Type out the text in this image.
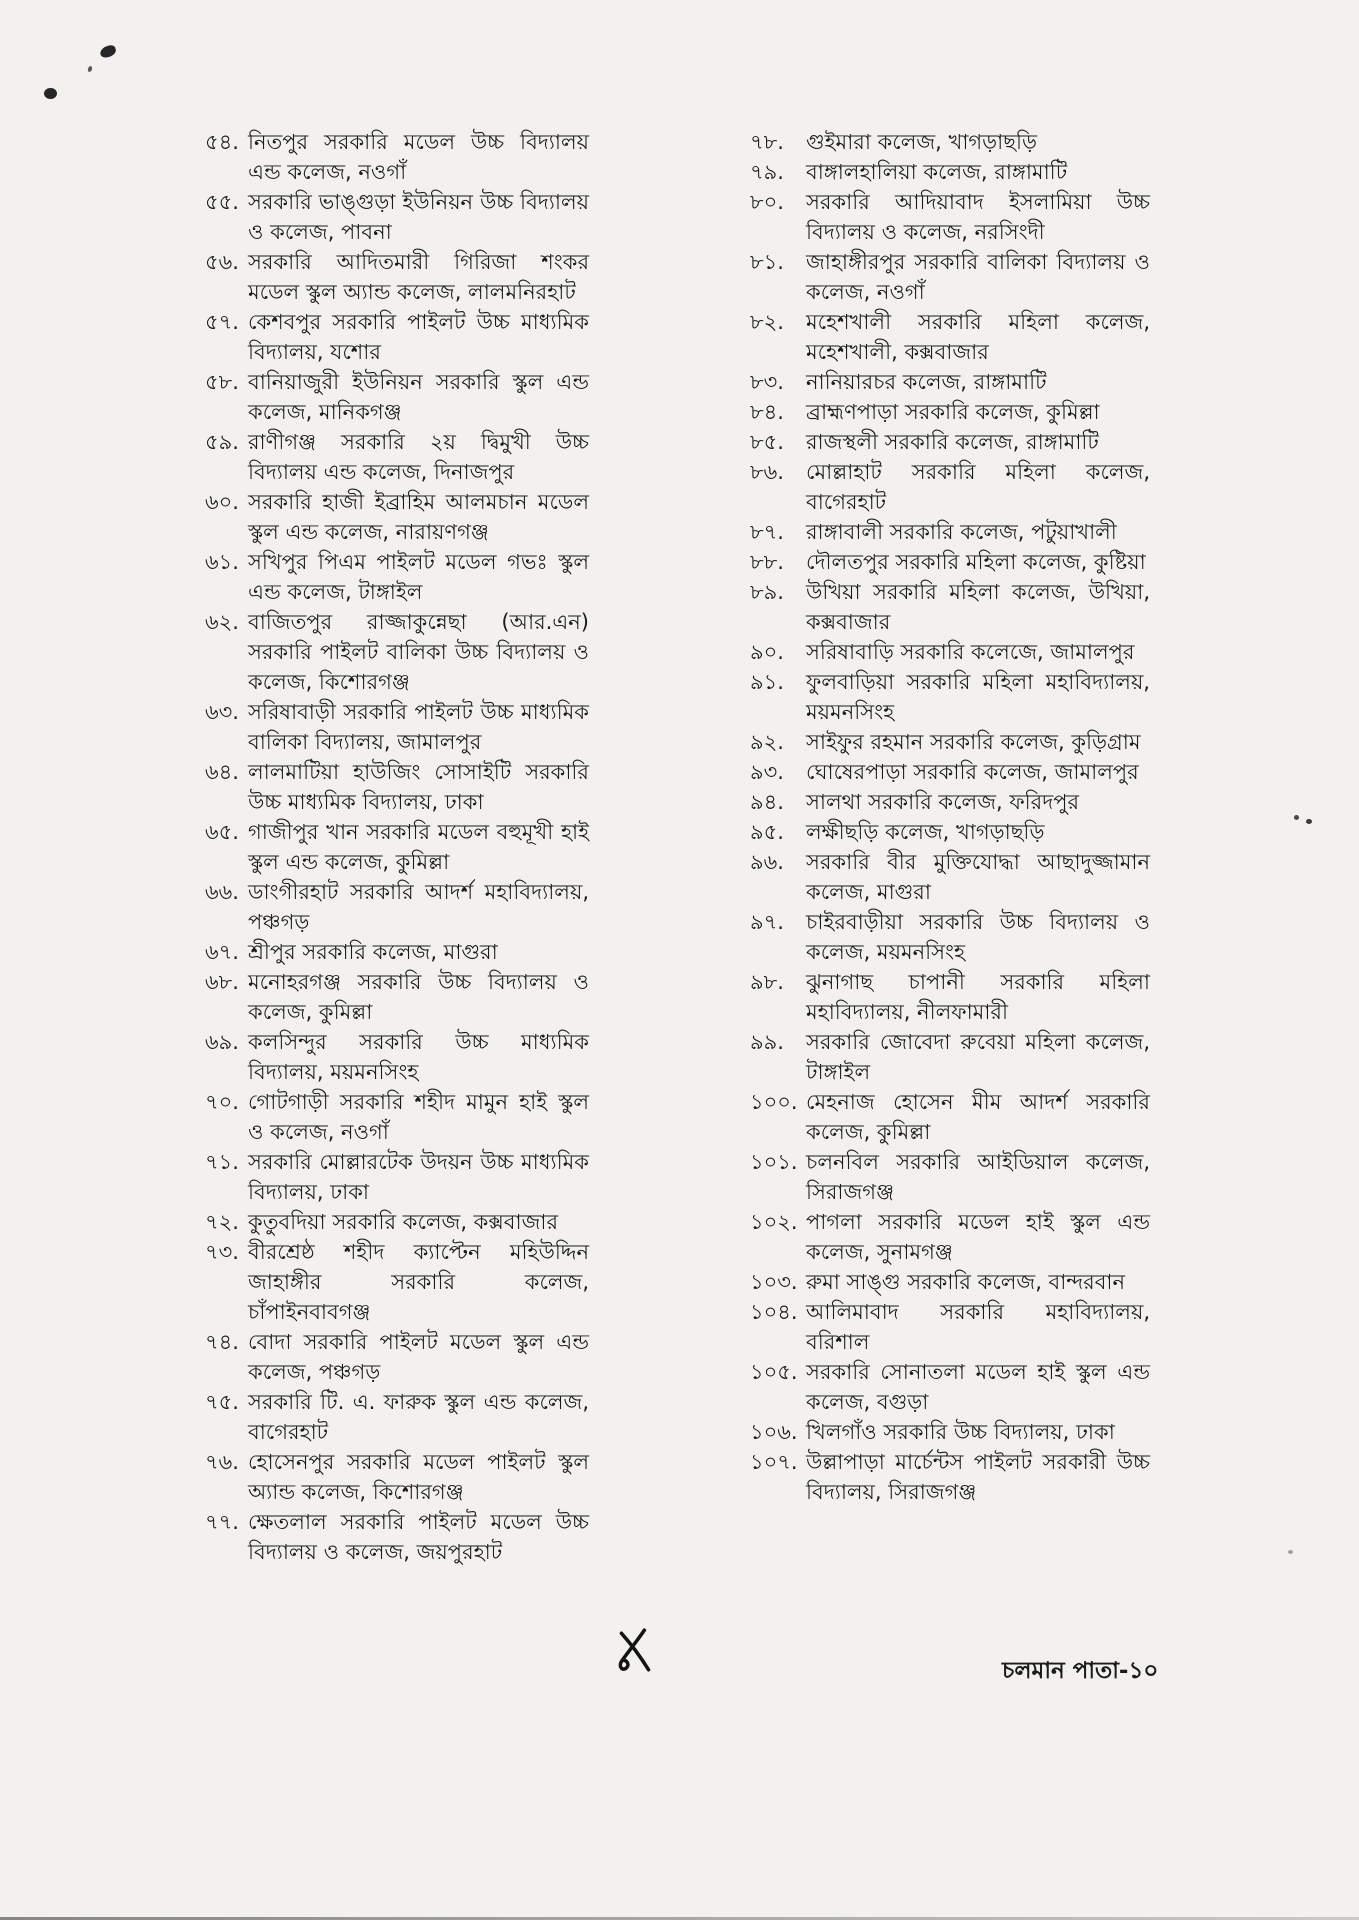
৫৪. নিতপুর সরকারি মডেল উচ্চ বিদ্যালয় এন্ড কলেজ, নওগাঁ
৫৫. সরকারি ভাঙ্গুড়া ইউনিয়ন উচ্চ বিদ্যালয় ও কলেজ, পাবনা
৫৬. সরকারি আদিতমারী গিরিজা শংকর মডেল স্কুল অ্যান্ড কলেজ, লালমনিরহাট
৫৭. কেশবপুর সরকারি পাইলট উচ্চ মাধ্যমিক বিদ্যালয়, যশোর
৫৮. বানিয়াজুরী ইউনিয়ন সরকারি স্কুল এন্ড কলেজ, মানিকগঞ্জ
৫৯. রাণীগঞ্জ সরকারি ২য় দ্বিমুখী উচ্চ বিদ্যালয় এন্ড কলেজ, দিনাজপুর
৬০. সরকারি হাজী ইব্রাহিম আলমচান মডেল স্কুল এন্ড কলেজ, নারায়ণগঞ্জ
৬১. সখিপুর পিএম পাইলট মডেল গভঃ স্কুল এন্ড কলেজ, টাঙ্গাইল
৬২. বাজিতপুর রাজ্জাকুন্নেছা (আর.এন) সরকারি পাইলট বালিকা উচ্চ বিদ্যালয় ও কলেজ, কিশোরগঞ্জ
৬৩. সরিষাবাড়ী সরকারি পাইলট উচ্চ মাধ্যমিক বালিকা বিদ্যালয়, জামালপুর
৬৪. লালমাটিয়া হাউজিং সোসাইটি সরকারি উচ্চ মাধ্যমিক বিদ্যালয়, ঢাকা
৬৫. গাজীপুর খান সরকারি মডেল বহুমূখী হাই স্কুল এন্ড কলেজ, কুমিল্লা
৬৬. ডাংগীরহাট সরকারি আদর্শ মহাবিদ্যালয়, পঞ্চগড়
৬৭. শ্রীপুর সরকারি কলেজ, মাগুরা
৬৮. মনোহরগঞ্জ সরকারি উচ্চ বিদ্যালয় ও কলেজ, কুমিল্লা
৬৯. কলসিন্দুর সরকারি উচ্চ মাধ্যমিক বিদ্যালয়, ময়মনসিংহ
৭০. গোটগাড়ী সরকারি শহীদ মামুন হাই স্কুল ও কলেজ, নওগাঁ
৭১. সরকারি মোল্লারটেক উদয়ন উচ্চ মাধ্যমিক বিদ্যালয়, ঢাকা
৭২. কুতুবদিয়া সরকারি কলেজ, কক্সবাজার
৭৩. বীরশ্রেষ্ঠ শহীদ ক্যাপ্টেন মহিউদ্দিন জাহাঙ্গীর সরকারি কলেজ, চাঁপাইনবাবগঞ্জ
৭৪. বোদা সরকারি পাইলট মডেল স্কুল এন্ড কলেজ, পঞ্চগড়
৭৫. সরকারি টি. এ. ফারুক স্কুল এন্ড কলেজ, বাগেরহাট
৭৬. হোসেনপুর সরকারি মডেল পাইলট স্কুল অ্যান্ড কলেজ, কিশোরগঞ্জ
৭৭. ক্ষেতলাল সরকারি পাইলট মডেল উচ্চ বিদ্যালয় ও কলেজ, জয়পুরহাট
৭৮.	গুইমারা কলেজ, খাগড়াছড়ি
৭৯.	বাঙ্গালহালিয়া কলেজ, রাঙ্গামাটি
৮০.	সরকারি আদিয়াবাদ ইসলামিয়া উচ্চ বিদ্যালয় ও কলেজ, নরসিংদী
৮১.	জাহাঙ্গীরপুর সরকারি বালিকা বিদ্যালয় ও কলেজ, নওগাঁ
৮২.	মহেশখালী সরকারি মহিলা কলেজ, মহেশখালী, কক্সবাজার
৮৩.	নানিয়ারচর কলেজ, রাঙ্গামাটি
৮৪.	ব্রাহ্মণপাড়া সরকারি কলেজ, কুমিল্লা
৮৫.	রাজস্থলী সরকারি কলেজ, রাঙ্গামাটি
৮৬.	মোল্লাহাট সরকারি মহিলা কলেজ, বাগেরহাট
৮৭.	রাঙ্গাবালী সরকারি কলেজ, পটুয়াখালী
৮৮.	দৌলতপুর সরকারি মহিলা কলেজ, কুষ্টিয়া
৮৯.	উখিয়া সরকারি মহিলা কলেজ, উখিয়া, কক্সবাজার
৯০.	সরিষাবাড়ি সরকারি কলেজে, জামালপুর
৯১.	ফুলবাড়িয়া সরকারি মহিলা মহাবিদ্যালয়, ময়মনসিংহ
৯২.	সাইফুর রহমান সরকারি কলেজ, কুড়িগ্রাম
৯৩.	ঘোষেরপাড়া সরকারি কলেজ, জামালপুর
৯৪.	সালথা সরকারি কলেজ, ফরিদপুর
৯৫.	লক্ষীছড়ি কলেজ, খাগড়াছড়ি
৯৬.	সরকারি বীর মুক্তিযোদ্ধা আছাদুজ্জামান কলেজ, মাগুরা
৯৭.	চাইরবাড়ীয়া সরকারি উচ্চ বিদ্যালয় ও কলেজ, ময়মনসিংহ
৯৮.	ঝুনাগাছ চাপানী সরকারি মহিলা মহাবিদ্যালয়, নীলফামারী
৯৯.	সরকারি জোবেদা রুবেয়া মহিলা কলেজ, টাঙ্গাইল
১০০. মেহনাজ হোসেন মীম আদর্শ সরকারি কলেজ, কুমিল্লা
১০১. চলনবিল সরকারি আইডিয়াল কলেজ, সিরাজগঞ্জ
১০২. পাগলা সরকারি মডেল হাই স্কুল এন্ড কলেজ, সুনামগঞ্জ
১০৩. রুমা সাঙ্গু সরকারি কলেজ, বান্দরবান
১০৪. আলিমাবাদ সরকারি মহাবিদ্যালয়, বরিশাল
১০৫. সরকারি সোনাতলা মডেল হাই স্কুল এন্ড কলেজ, বগুড়া
১০৬. খিলগাঁও সরকারি উচ্চ বিদ্যালয়, ঢাকা
১০৭. উল্লাপাড়া মার্চেন্টস পাইলট সরকারী উচ্চ বিদ্যালয়, সিরাজগঞ্জ
চলমান পাতা-১০
